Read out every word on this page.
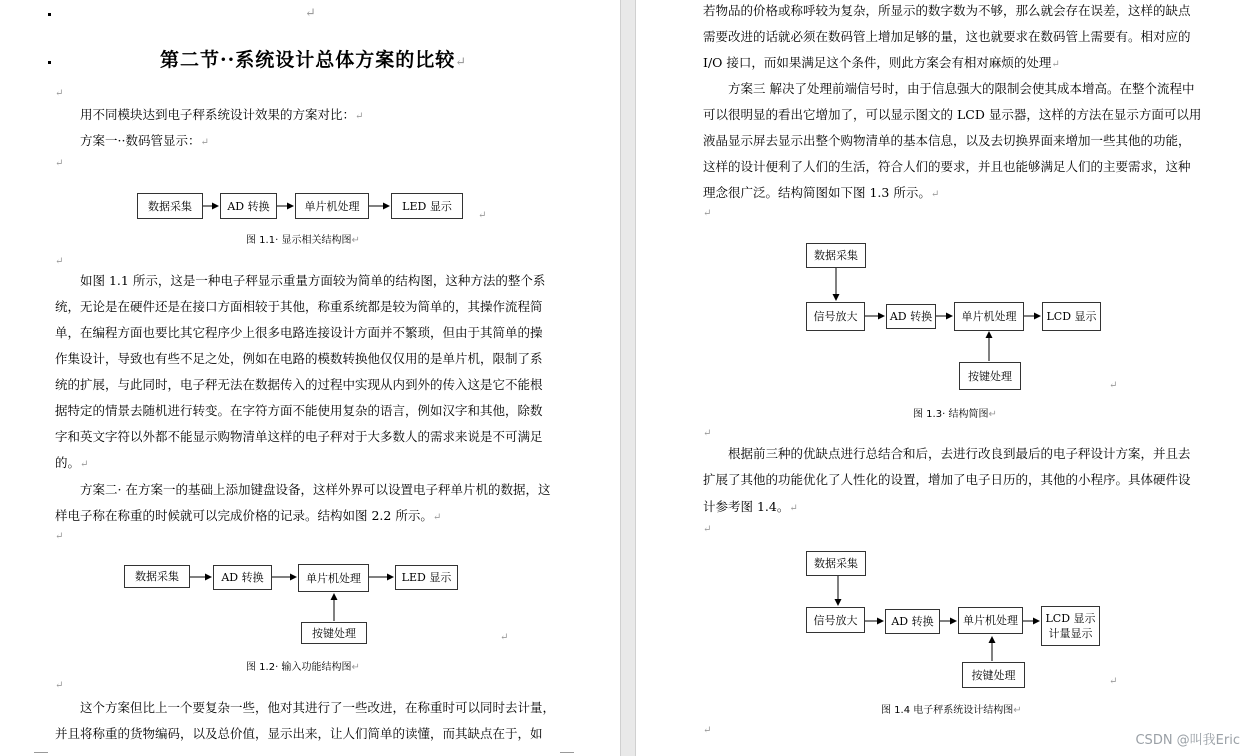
↵
第二节··系统设计总体方案的比较↵
↵
用不同模块达到电子秤系统设计效果的方案对比：↵
方案一··数码管显示：↵
↵
数据采集	AD 转换	单片机处理	LED 显示
↵
图 1.1· 显示相关结构图↵
↵
如图 1.1 所示，这是一种电子秤显示重量方面较为简单的结构图，这种方法的整个系
统，无论是在硬件还是在接口方面相较于其他，称重系统都是较为简单的，其操作流程简
单，在编程方面也要比其它程序少上很多电路连接设计方面并不繁琐，但由于其简单的操
作集设计，导致也有些不足之处，例如在电路的模数转换他仅仅用的是单片机，限制了系
统的扩展，与此同时，电子秤无法在数据传入的过程中实现从内到外的传入这是它不能根
据特定的情景去随机进行转变。在字符方面不能使用复杂的语言，例如汉字和其他，除数
字和英文字符以外都不能显示购物清单这样的电子秤对于大多数人的需求来说是不可满足
的。↵
方案二· 在方案一的基础上添加键盘设备，这样外界可以设置电子秤单片机的数据，这
样电子称在称重的时候就可以完成价格的记录。结构如图 2.2 所示。↵
↵
数据采集	AD 转换	单片机处理	LED 显示
按键处理	↵
图 1.2· 输入功能结构图↵
↵
这个方案但比上一个要复杂一些，他对其进行了一些改进，在称重时可以同时去计量，
并且将称重的货物编码，以及总价值，显示出来，让人们简单的读懂，而其缺点在于，如
若物品的价格或称呼较为复杂，所显示的数字数为不够，那么就会存在误差，这样的缺点
需要改进的话就必须在数码管上增加足够的量，这也就要求在数码管上需要有。相对应的
I/O 接口，而如果满足这个条件，则此方案会有相对麻烦的处理↵
方案三 解决了处理前端信号时，由于信息强大的限制会使其成本增高。在整个流程中
可以很明显的看出它增加了，可以显示图文的 LCD 显示器，这样的方法在显示方面可以用
液晶显示屏去显示出整个购物清单的基本信息，以及去切换界面来增加一些其他的功能，
这样的设计便利了人们的生活，符合人们的要求，并且也能够满足人们的主要需求，这种
理念很广泛。结构简图如下图 1.3 所示。↵
↵
数据采集
信号放大	AD 转换	单片机处理	LCD 显示
按键处理
↵
图 1.3· 结构简图↵
↵
根据前三种的优缺点进行总结合和后，去进行改良到最后的电子秤设计方案，并且去
扩展了其他的功能优化了人性化的设置，增加了电子日历的，其他的小程序。具体硬件设
计参考图 1.4。↵
↵
数据采集
信号放大	AD 转换	单片机处理	LCD 显示
计量显示
按键处理	↵
图 1.4 电子秤系统设计结构图↵
↵
CSDN @叫我Eric
